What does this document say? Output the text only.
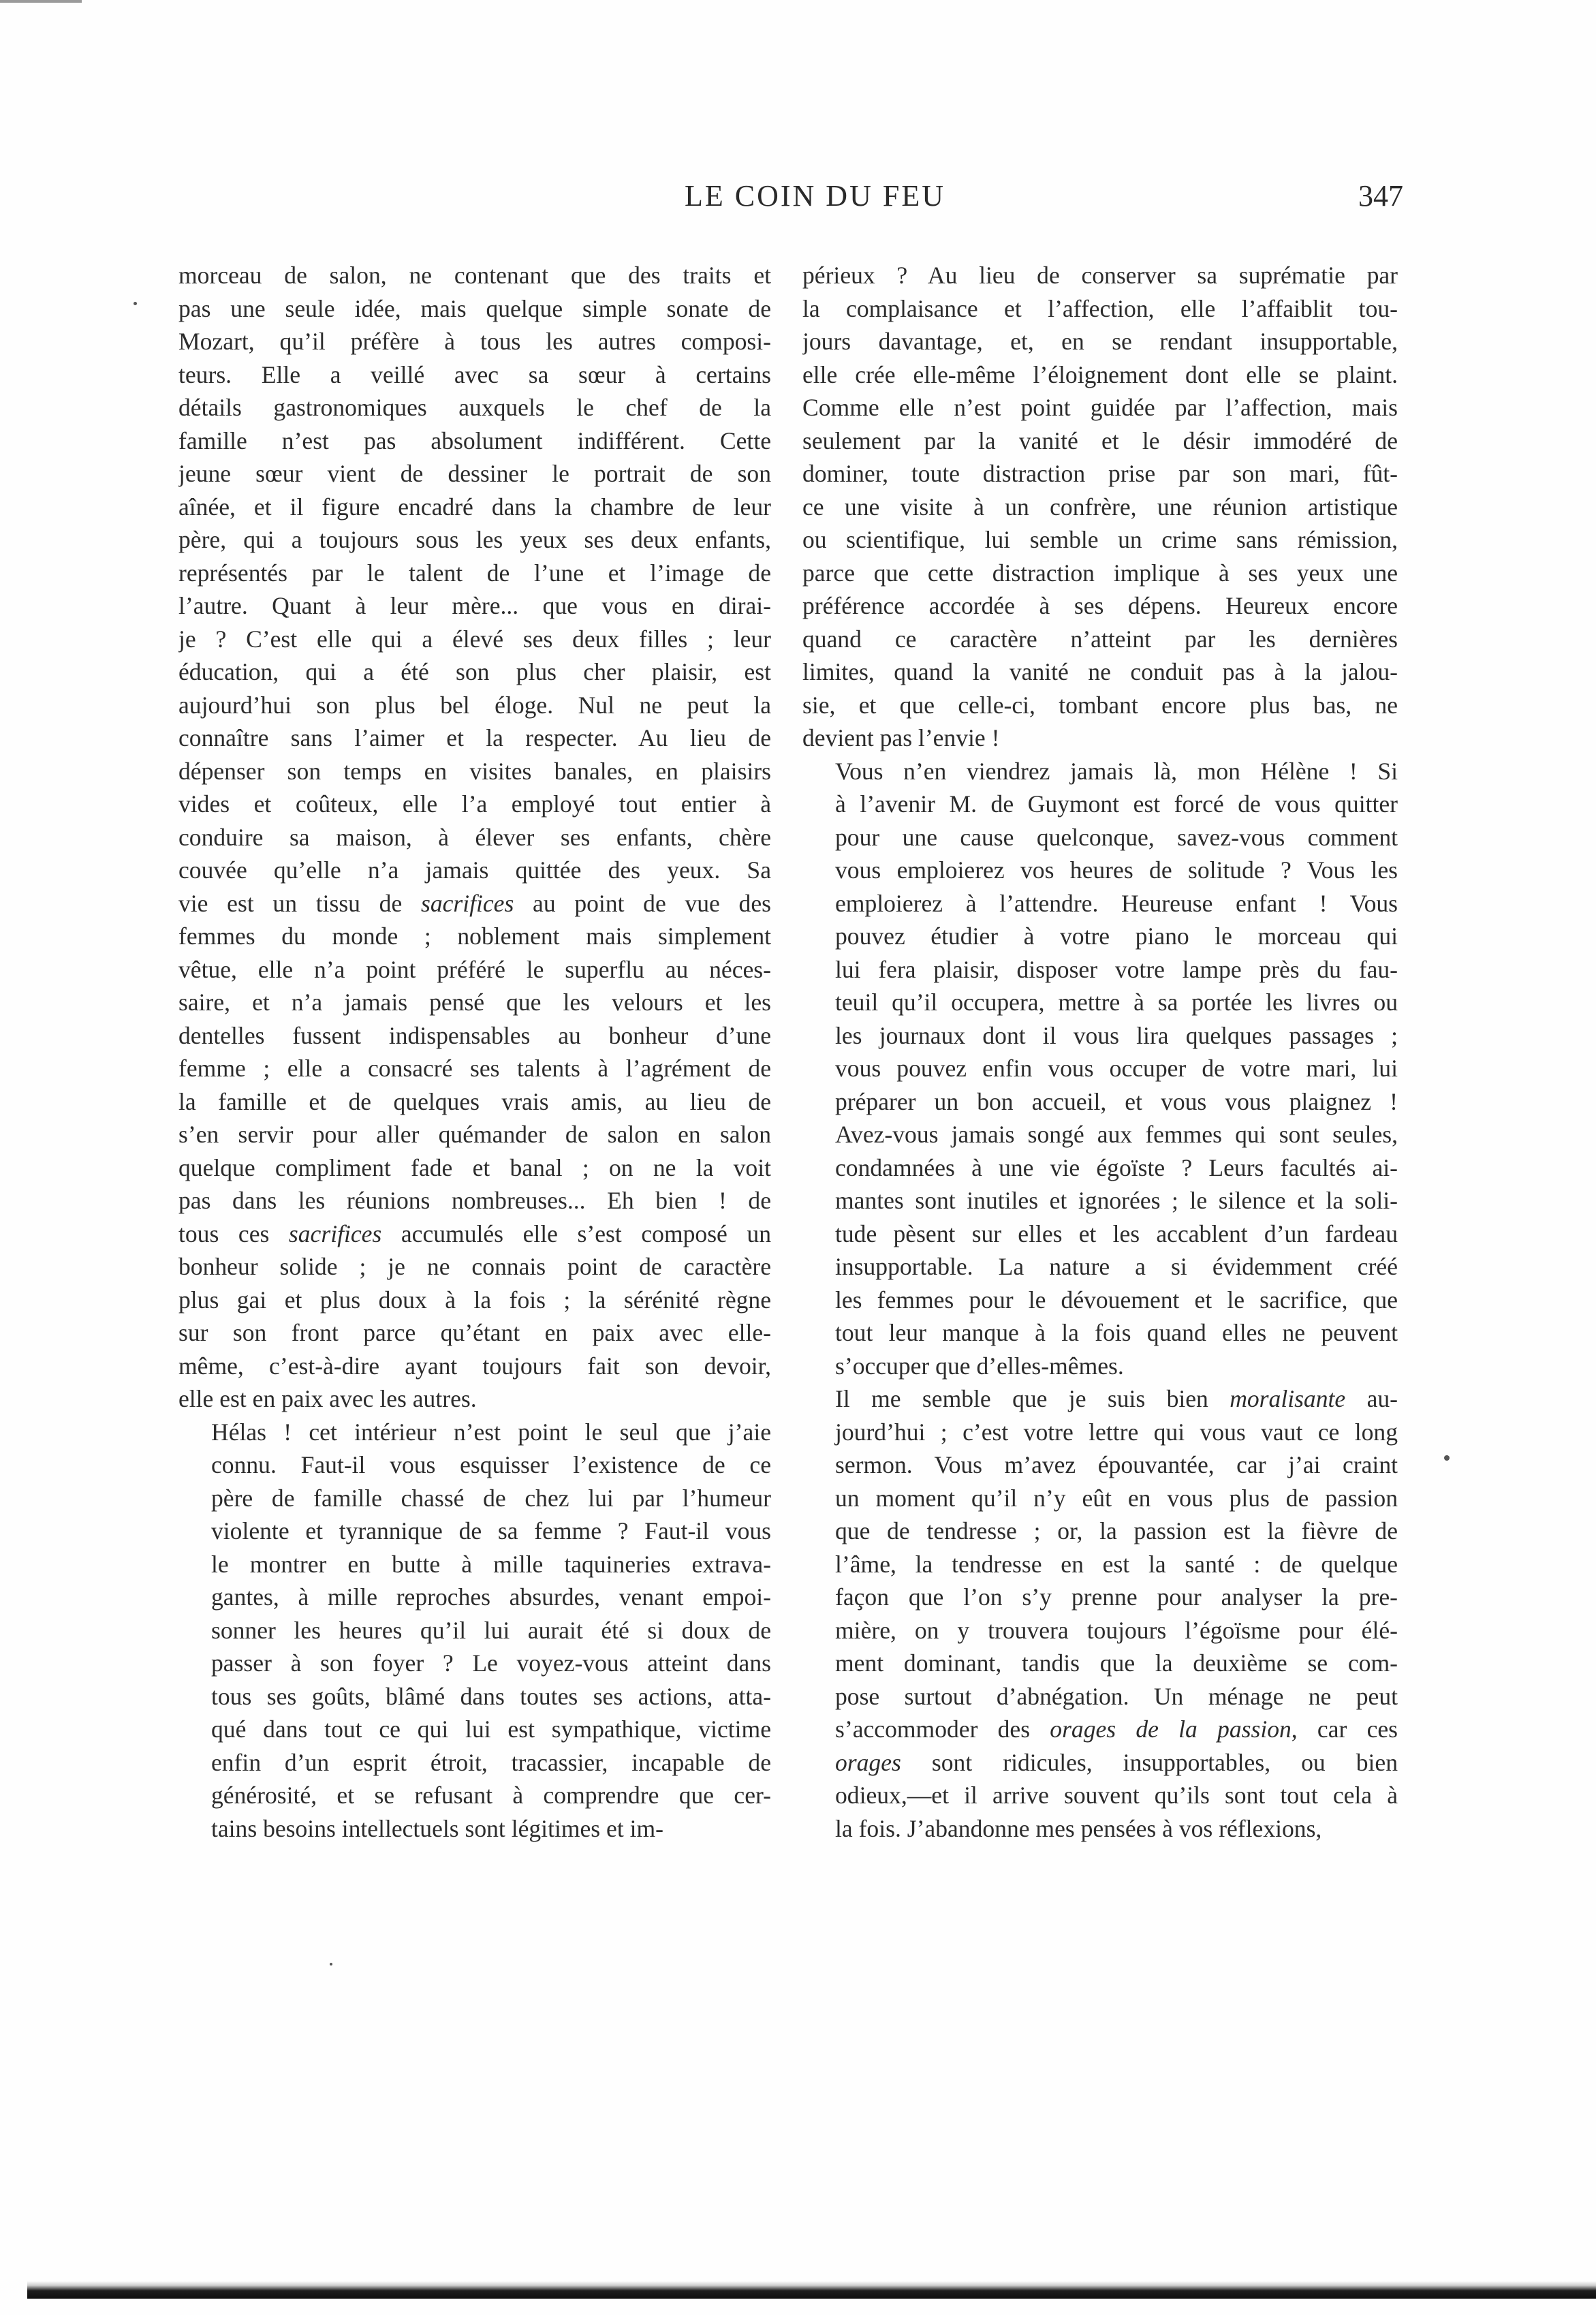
LE COIN DU FEU	347

morceau de salon, ne contenant que des traits et
pas une seule idée, mais quelque simple sonate de
Mozart, qu’il préfère à tous les autres composi-
teurs. Elle a veillé avec sa sœur à certains
détails gastronomiques auxquels le chef de la
famille n’est pas absolument indifférent. Cette
jeune sœur vient de dessiner le portrait de son
aînée, et il figure encadré dans la chambre de leur
père, qui a toujours sous les yeux ses deux enfants,
représentés par le talent de l’une et l’image de
l’autre. Quant à leur mère... que vous en dirai-
je ? C’est elle qui a élevé ses deux filles ; leur
éducation, qui a été son plus cher plaisir, est
aujourd’hui son plus bel éloge. Nul ne peut la
connaître sans l’aimer et la respecter. Au lieu de
dépenser son temps en visites banales, en plaisirs
vides et coûteux, elle l’a employé tout entier à
conduire sa maison, à élever ses enfants, chère
couvée qu’elle n’a jamais quittée des yeux. Sa
vie est un tissu de sacrifices au point de vue des
femmes du monde ; noblement mais simplement
vêtue, elle n’a point préféré le superflu au néces-
saire, et n’a jamais pensé que les velours et les
dentelles fussent indispensables au bonheur d’une
femme ; elle a consacré ses talents à l’agrément de
la famille et de quelques vrais amis, au lieu de
s’en servir pour aller quémander de salon en salon
quelque compliment fade et banal ; on ne la voit
pas dans les réunions nombreuses... Eh bien ! de
tous ces sacrifices accumulés elle s’est composé un
bonheur solide ; je ne connais point de caractère
plus gai et plus doux à la fois ; la sérénité règne
sur son front parce qu’étant en paix avec elle-
même, c’est-à-dire ayant toujours fait son devoir,
elle est en paix avec les autres.

Hélas ! cet intérieur n’est point le seul que j’aie
connu. Faut-il vous esquisser l’existence de ce
père de famille chassé de chez lui par l’humeur
violente et tyrannique de sa femme ? Faut-il vous
le montrer en butte à mille taquineries extrava-
gantes, à mille reproches absurdes, venant empoi-
sonner les heures qu’il lui aurait été si doux de
passer à son foyer ? Le voyez-vous atteint dans
tous ses goûts, blâmé dans toutes ses actions, atta-
qué dans tout ce qui lui est sympathique, victime
enfin d’un esprit étroit, tracassier, incapable de
générosité, et se refusant à comprendre que cer-
tains besoins intellectuels sont légitimes et im-

périeux ? Au lieu de conserver sa suprématie par
la complaisance et l’affection, elle l’affaiblit tou-
jours davantage, et, en se rendant insupportable,
elle crée elle-même l’éloignement dont elle se plaint.
Comme elle n’est point guidée par l’affection, mais
seulement par la vanité et le désir immodéré de
dominer, toute distraction prise par son mari, fût-
ce une visite à un confrère, une réunion artistique
ou scientifique, lui semble un crime sans rémission,
parce que cette distraction implique à ses yeux une
préférence accordée à ses dépens. Heureux encore
quand ce caractère n’atteint par les dernières
limites, quand la vanité ne conduit pas à la jalou-
sie, et que celle-ci, tombant encore plus bas, ne
devient pas l’envie !

Vous n’en viendrez jamais là, mon Hélène ! Si
à l’avenir M. de Guymont est forcé de vous quitter
pour une cause quelconque, savez-vous comment
vous emploierez vos heures de solitude ? Vous les
emploierez à l’attendre. Heureuse enfant ! Vous
pouvez étudier à votre piano le morceau qui
lui fera plaisir, disposer votre lampe près du fau-
teuil qu’il occupera, mettre à sa portée les livres ou
les journaux dont il vous lira quelques passages ;
vous pouvez enfin vous occuper de votre mari, lui
préparer un bon accueil, et vous vous plaignez !
Avez-vous jamais songé aux femmes qui sont seules,
condamnées à une vie égoïste ? Leurs facultés ai-
mantes sont inutiles et ignorées ; le silence et la soli-
tude pèsent sur elles et les accablent d’un fardeau
insupportable. La nature a si évidemment créé
les femmes pour le dévouement et le sacrifice, que
tout leur manque à la fois quand elles ne peuvent
s’occuper que d’elles-mêmes.

Il me semble que je suis bien moralisante au-
jourd’hui ; c’est votre lettre qui vous vaut ce long
sermon. Vous m’avez épouvantée, car j’ai craint
un moment qu’il n’y eût en vous plus de passion
que de tendresse ; or, la passion est la fièvre de
l’âme, la tendresse en est la santé : de quelque
façon que l’on s’y prenne pour analyser la pre-
mière, on y trouvera toujours l’égoïsme pour élé-
ment dominant, tandis que la deuxième se com-
pose surtout d’abnégation. Un ménage ne peut
s’accommoder des orages de la passion, car ces
orages sont ridicules, insupportables, ou bien
odieux,—et il arrive souvent qu’ils sont tout cela à
la fois. J’abandonne mes pensées à vos réflexions,
